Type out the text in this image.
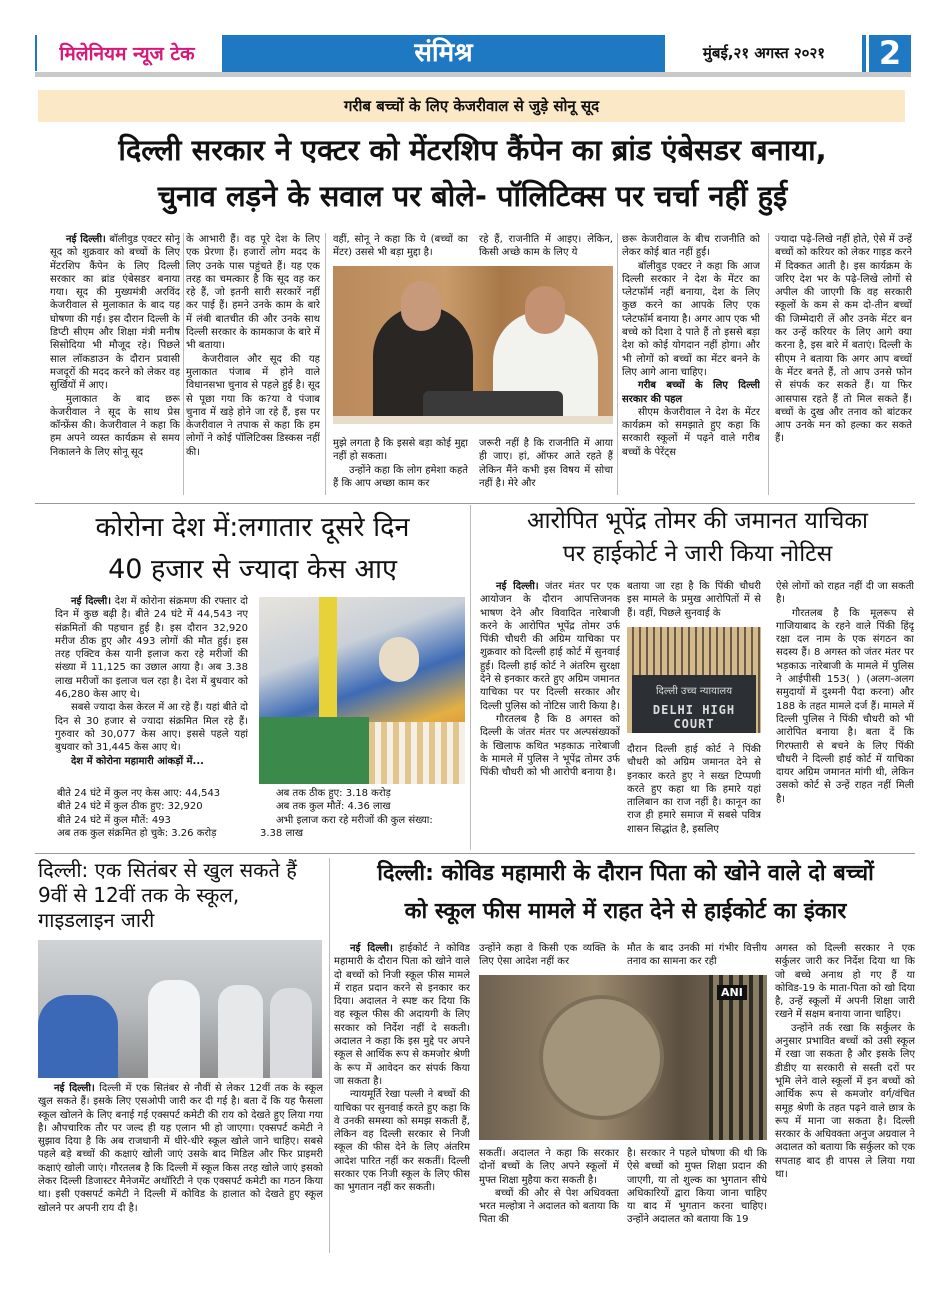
मिलेनियम न्यूज टेक	संमिश्र	मुंबई,२१ अगस्त २०२१	2
गरीब बच्चों के लिए केजरीवाल से जुड़े सोनू सूद
दिल्ली सरकार ने एक्टर को मेंटरशिप कैंपेन का ब्रांड एंबेसडर बनाया,
चुनाव लड़ने के सवाल पर बोले- पॉलिटिक्स पर चर्चा नहीं हुई

नई दिल्ली। बॉलीवुड एक्टर सोनू सूद को शुक्रवार को बच्चों के लिए मेंटरशिप कैंपेन के लिए दिल्ली सरकार का ब्रांड एंबेसडर बनाया गया। सूद की मुख्यमंत्री अरविंद केजरीवाल से मुलाकात के बाद यह घोषणा की गई। इस दौरान दिल्ली के डिप्टी सीएम और शिक्षा मंत्री मनीष सिसोदिया भी मौजूद रहे। पिछले साल लॉकडाउन के दौरान प्रवासी मजदूरों की मदद करने को लेकर वह सुर्खियों में आए।

मुलाकात के बाद छरू केजरीवाल ने सूद के साथ प्रेस कॉन्फ्रेंस की। केजरीवाल ने कहा कि हम अपने व्यस्त कार्यक्रम से समय निकालने के लिए सोनू सूद

के आभारी हैं। वह पूरे देश के लिए एक प्रेरणा हैं। हजारों लोग मदद के लिए उनके पास पहुंचते हैं। यह एक तरह का चमत्कार है कि सूद वह कर रहे हैं, जो इतनी सारी सरकारें नहीं कर पाई हैं। हमने उनके काम के बारे में लंबी बातचीत की और उनके साथ दिल्ली सरकार के कामकाज के बारे में भी बताया।

केजरीवाल और सूद की यह मुलाकात पंजाब में होने वाले विधानसभा चुनाव से पहले हुई है। सूद से पूछा गया कि क?या वे पंजाब चुनाव में खड़े होने जा रहे हैं, इस पर केजरीवाल ने तपाक से कहा कि हम लोगों ने कोई पॉलिटिक्स डिस्कस नहीं की।

वहीं, सोनू ने कहा कि ये (बच्चों का मेंटर) उससे भी बड़ा मुद्दा है।

रहे हैं, राजनीति में आइए। लेकिन, किसी अच्छे काम के लिए ये

मुझे लगता है कि इससे बड़ा कोई मुद्दा नहीं हो सकता।

उन्होंने कहा कि लोग हमेशा कहते हैं कि आप अच्छा काम कर

जरूरी नहीं है कि राजनीति में आया ही जाए। हां, ऑफर आते रहते हैं लेकिन मैंने कभी इस विषय में सोचा नहीं है। मेरे और

छरू केजरीवाल के बीच राजनीति को लेकर कोई बात नहीं हुई।

बॉलीवुड एक्टर ने कहा कि आज दिल्ली सरकार ने देश के मेंटर का प्लेटफॉर्म नहीं बनाया, देश के लिए कुछ करने का आपके लिए एक प्लेटफॉर्म बनाया है। अगर आप एक भी बच्चे को दिशा दे पाते हैं तो इससे बड़ा देश को कोई योगदान नहीं होगा। और भी लोगों को बच्चों का मेंटर बनने के लिए आगे आना चाहिए।

गरीब बच्चों के लिए दिल्ली सरकार की पहल

सीएम केजरीवाल ने देश के मेंटर कार्यक्रम को समझाते हुए कहा कि सरकारी स्कूलों में पढ़ने वाले गरीब बच्चों के पेरेंट्स

ज्यादा पढ़े-लिखे नहीं होते, ऐसे में उन्हें बच्चों को करियर को लेकर गाइड करने में दिक्कत आती है। इस कार्यक्रम के जरिए देश भर के पढ़े-लिखे लोगों से अपील की जाएगी कि वह सरकारी स्कूलों के कम से कम दो-तीन बच्चों की जिम्मेदारी लें और उनके मेंटर बन कर उन्हें करियर के लिए आगे क्या करना है, इस बारे में बताएं। दिल्ली के सीएम ने बताया कि अगर आप बच्चों के मेंटर बनते हैं, तो आप उनसे फोन से संपर्क कर सकते हैं। या फिर आसपास रहते हैं तो मिल सकते हैं। बच्चों के दुख और तनाव को बांटकर आप उनके मन को हल्का कर सकते हैं।

कोरोना देश में:लगातार दूसरे दिन
40 हजार से ज्यादा केस आए

नई दिल्ली। देश में कोरोना संक्रमण की रफ्तार दो दिन में कुछ बढ़ी है। बीते 24 घंटे में 44,543 नए संक्रमितों की पहचान हुई है। इस दौरान 32,920 मरीज ठीक हुए और 493 लोगों की मौत हुई। इस तरह एक्टिव केस यानी इलाज करा रहे मरीजों की संख्या में 11,125 का उछाल आया है। अब 3.38 लाख मरीजों का इलाज चल रहा है। देश में बुधवार को 46,280 केस आए थे।

सबसे ज्यादा केस केरल में आ रहे हैं। यहां बीते दो दिन से 30 हजार से ज्यादा संक्रमित मिल रहे हैं। गुरुवार को 30,077 केस आए। इससे पहले यहां बुधवार को 31,445 केस आए थे।

देश में कोरोना महामारी आंकड़ों में...

बीते 24 घंटे में कुल नए केस आए: 44,543
बीते 24 घंटे में कुल ठीक हुए: 32,920
बीते 24 घंटे में कुल मौतें: 493
अब तक कुल संक्रमित हो चुके: 3.26 करोड़
अब तक ठीक हुए: 3.18 करोड़
अब तक कुल मौतें: 4.36 लाख
अभी इलाज करा रहे मरीजों की कुल संख्या:
3.38 लाख
आरोपित भूपेंद्र तोमर की जमानत याचिका
पर हाईकोर्ट ने जारी किया नोटिस

नई दिल्ली। जंतर मंतर पर एक आयोजन के दौरान आपत्तिजनक भाषण देने और विवादित नारेबाजी करने के आरोपित भूपेंद्र तोमर उर्फ पिंकी चौधरी की अग्रिम याचिका पर शुक्रवार को दिल्ली हाई कोर्ट में सुनवाई हुई। दिल्ली हाई कोर्ट ने अंतरिम सुरक्षा देने से इनकार करते हुए अग्रिम जमानत याचिका पर पर दिल्ली सरकार और दिल्ली पुलिस को नोटिस जारी किया है।

गौरतलब है कि 8 अगस्त को दिल्ली के जंतर मंतर पर अल्पसंख्यकों के खिलाफ कथित भड़काऊ नारेबाजी के मामले में पुलिस ने भूपेंद्र तोमर उर्फ पिंकी चौधरी को भी आरोपी बनाया है।

बताया जा रहा है कि पिंकी चौधरी इस मामले के प्रमुख आरोपितों में से हैं। वहीं, पिछले सुनवाई के

दिल्ली उच्च न्यायालय
DELHI HIGH COURT

दौरान दिल्ली हाई कोर्ट ने पिंकी चौधरी को अग्रिम जमानत देने से इनकार करते हुए ने सख्त टिप्पणी करते हुए कहा था कि हमारे यहां तालिबान का राज नहीं है। कानून का राज ही हमारे समाज में सबसे पवित्र शासन सिद्धांत है, इसलिए

ऐसे लोगों को राहत नहीं दी जा सकती है।

गौरतलब है कि मूलरूप से गाजियाबाद के रहने वाले पिंकी हिंदू रक्षा दल नाम के एक संगठन का सदस्य हैं। 8 अगस्त को जंतर मंतर पर भड़काऊ नारेबाजी के मामले में पुलिस ने आईपीसी 153( ) (अलग-अलग समुदायों में दुश्मनी पैदा करना) और 188 के तहत मामले दर्ज हैं। मामले में दिल्ली पुलिस ने पिंकी चौधरी को भी आरोपित बनाया है। बता दें कि गिरफ्तारी से बचने के लिए पिंकी चौधरी ने दिल्ली हाई कोर्ट में याचिका दायर अग्रिम जमानत मांगी थी, लेकिन उसको कोर्ट से उन्हें राहत नहीं मिली है।

दिल्ली: एक सितंबर से खुल सकते हैं 9वीं से 12वीं तक के स्कूल, गाइडलाइन जारी

नई दिल्ली। दिल्ली में एक सितंबर से नौवीं से लेकर 12वीं तक के स्कूल खुल सकते हैं। इसके लिए एसओपी जारी कर दी गई है। बता दें कि यह फैसला स्कूल खोलने के लिए बनाई गई एक्सपर्ट कमेटी की राय को देखते हुए लिया गया है। औपचारिक तौर पर जल्द ही यह एलान भी हो जाएगा। एक्सपर्ट कमेटी ने सुझाव दिया है कि अब राजधानी में धीरे-धीरे स्कूल खोले जाने चाहिए। सबसे पहले बड़े बच्चों की कक्षाएं खोली जाएं उसके बाद मिडिल और फिर प्राइमरी कक्षाएं खोली जाएं। गौरतलब है कि दिल्ली में स्कूल किस तरह खोले जाएं इसको लेकर दिल्ली डिजास्टर मैनेजमेंट अथॉरिटी ने एक एक्सपर्ट कमेटी का गठन किया था। इसी एक्सपर्ट कमेटी ने दिल्ली में कोविड के हालात को देखते हुए स्कूल खोलने पर अपनी राय दी है।

दिल्ली: कोविड महामारी के दौरान पिता को खोने वाले दो बच्चों
को स्कूल फीस मामले में राहत देने से हाईकोर्ट का इंकार

नई दिल्ली। हाईकोर्ट ने कोविड महामारी के दौरान पिता को खोने वाले दो बच्चों को निजी स्कूल फीस मामले में राहत प्रदान करने से इनकार कर दिया। अदालत ने स्पष्ट कर दिया कि वह स्कूल फीस की अदायगी के लिए सरकार को निर्देश नहीं दे सकती। अदालत ने कहा कि इस मुद्दे पर अपने स्कूल से आर्थिक रूप से कमजोर श्रेणी के रूप में आवेदन कर संपर्क किया जा सकता है।

न्यायमूर्ति रेखा पल्ली ने बच्चों की याचिका पर सुनवाई करते हुए कहा कि वे उनकी समस्या को समझ सकती हैं, लेकिन वह दिल्ली सरकार से निजी स्कूल की फीस देने के लिए अंतरिम आदेश पारित नहीं कर सकतीं। दिल्ली सरकार एक निजी स्कूल के लिए फीस का भुगतान नहीं कर सकती।

उन्होंने कहा वे किसी एक व्यक्ति के लिए ऐसा आदेश नहीं कर

मौत के बाद उनकी मां गंभीर वित्तीय तनाव का सामना कर रही

ANI

सकतीं। अदालत ने कहा कि सरकार दोनों बच्चों के लिए अपने स्कूलों में मुफ्त शिक्षा मुहैया करा सकती है।

बच्चों की और से पेश अधिवक्ता भरत मल्होत्रा ने अदालत को बताया कि पिता की

है। सरकार ने पहले घोषणा की थी कि ऐसे बच्चों को मुफ्त शिक्षा प्रदान की जाएगी, या तो शुल्क का भुगतान सीधे अधिकारियों द्वारा किया जाना चाहिए या बाद में भुगतान करना चाहिए। उन्होंने अदालत को बताया कि 19

अगस्त को दिल्ली सरकार ने एक सर्कुलर जारी कर निर्देश दिया था कि जो बच्चे अनाथ हो गए हैं या कोविड-19 के माता-पिता को खो दिया है, उन्हें स्कूलों में अपनी शिक्षा जारी रखने में सक्षम बनाया जाना चाहिए।

उन्होंने तर्क रखा कि सर्कुलर के अनुसार प्रभावित बच्चों को उसी स्कूल में रखा जा सकता है और इसके लिए डीडीए या सरकारी से सस्ती दरों पर भूमि लेने वाले स्कूलों में इन बच्चों को आर्थिक रूप से कमजोर वर्ग/वंचित समूह श्रेणी के तहत पढ़ने वाले छात्र के रूप में माना जा सकता है। दिल्ली सरकार के अधिवक्ता अनुज अग्रवाल ने अदालत को बताया कि सर्कुलर को एक सपताह बाद ही वापस ले लिया गया था।
